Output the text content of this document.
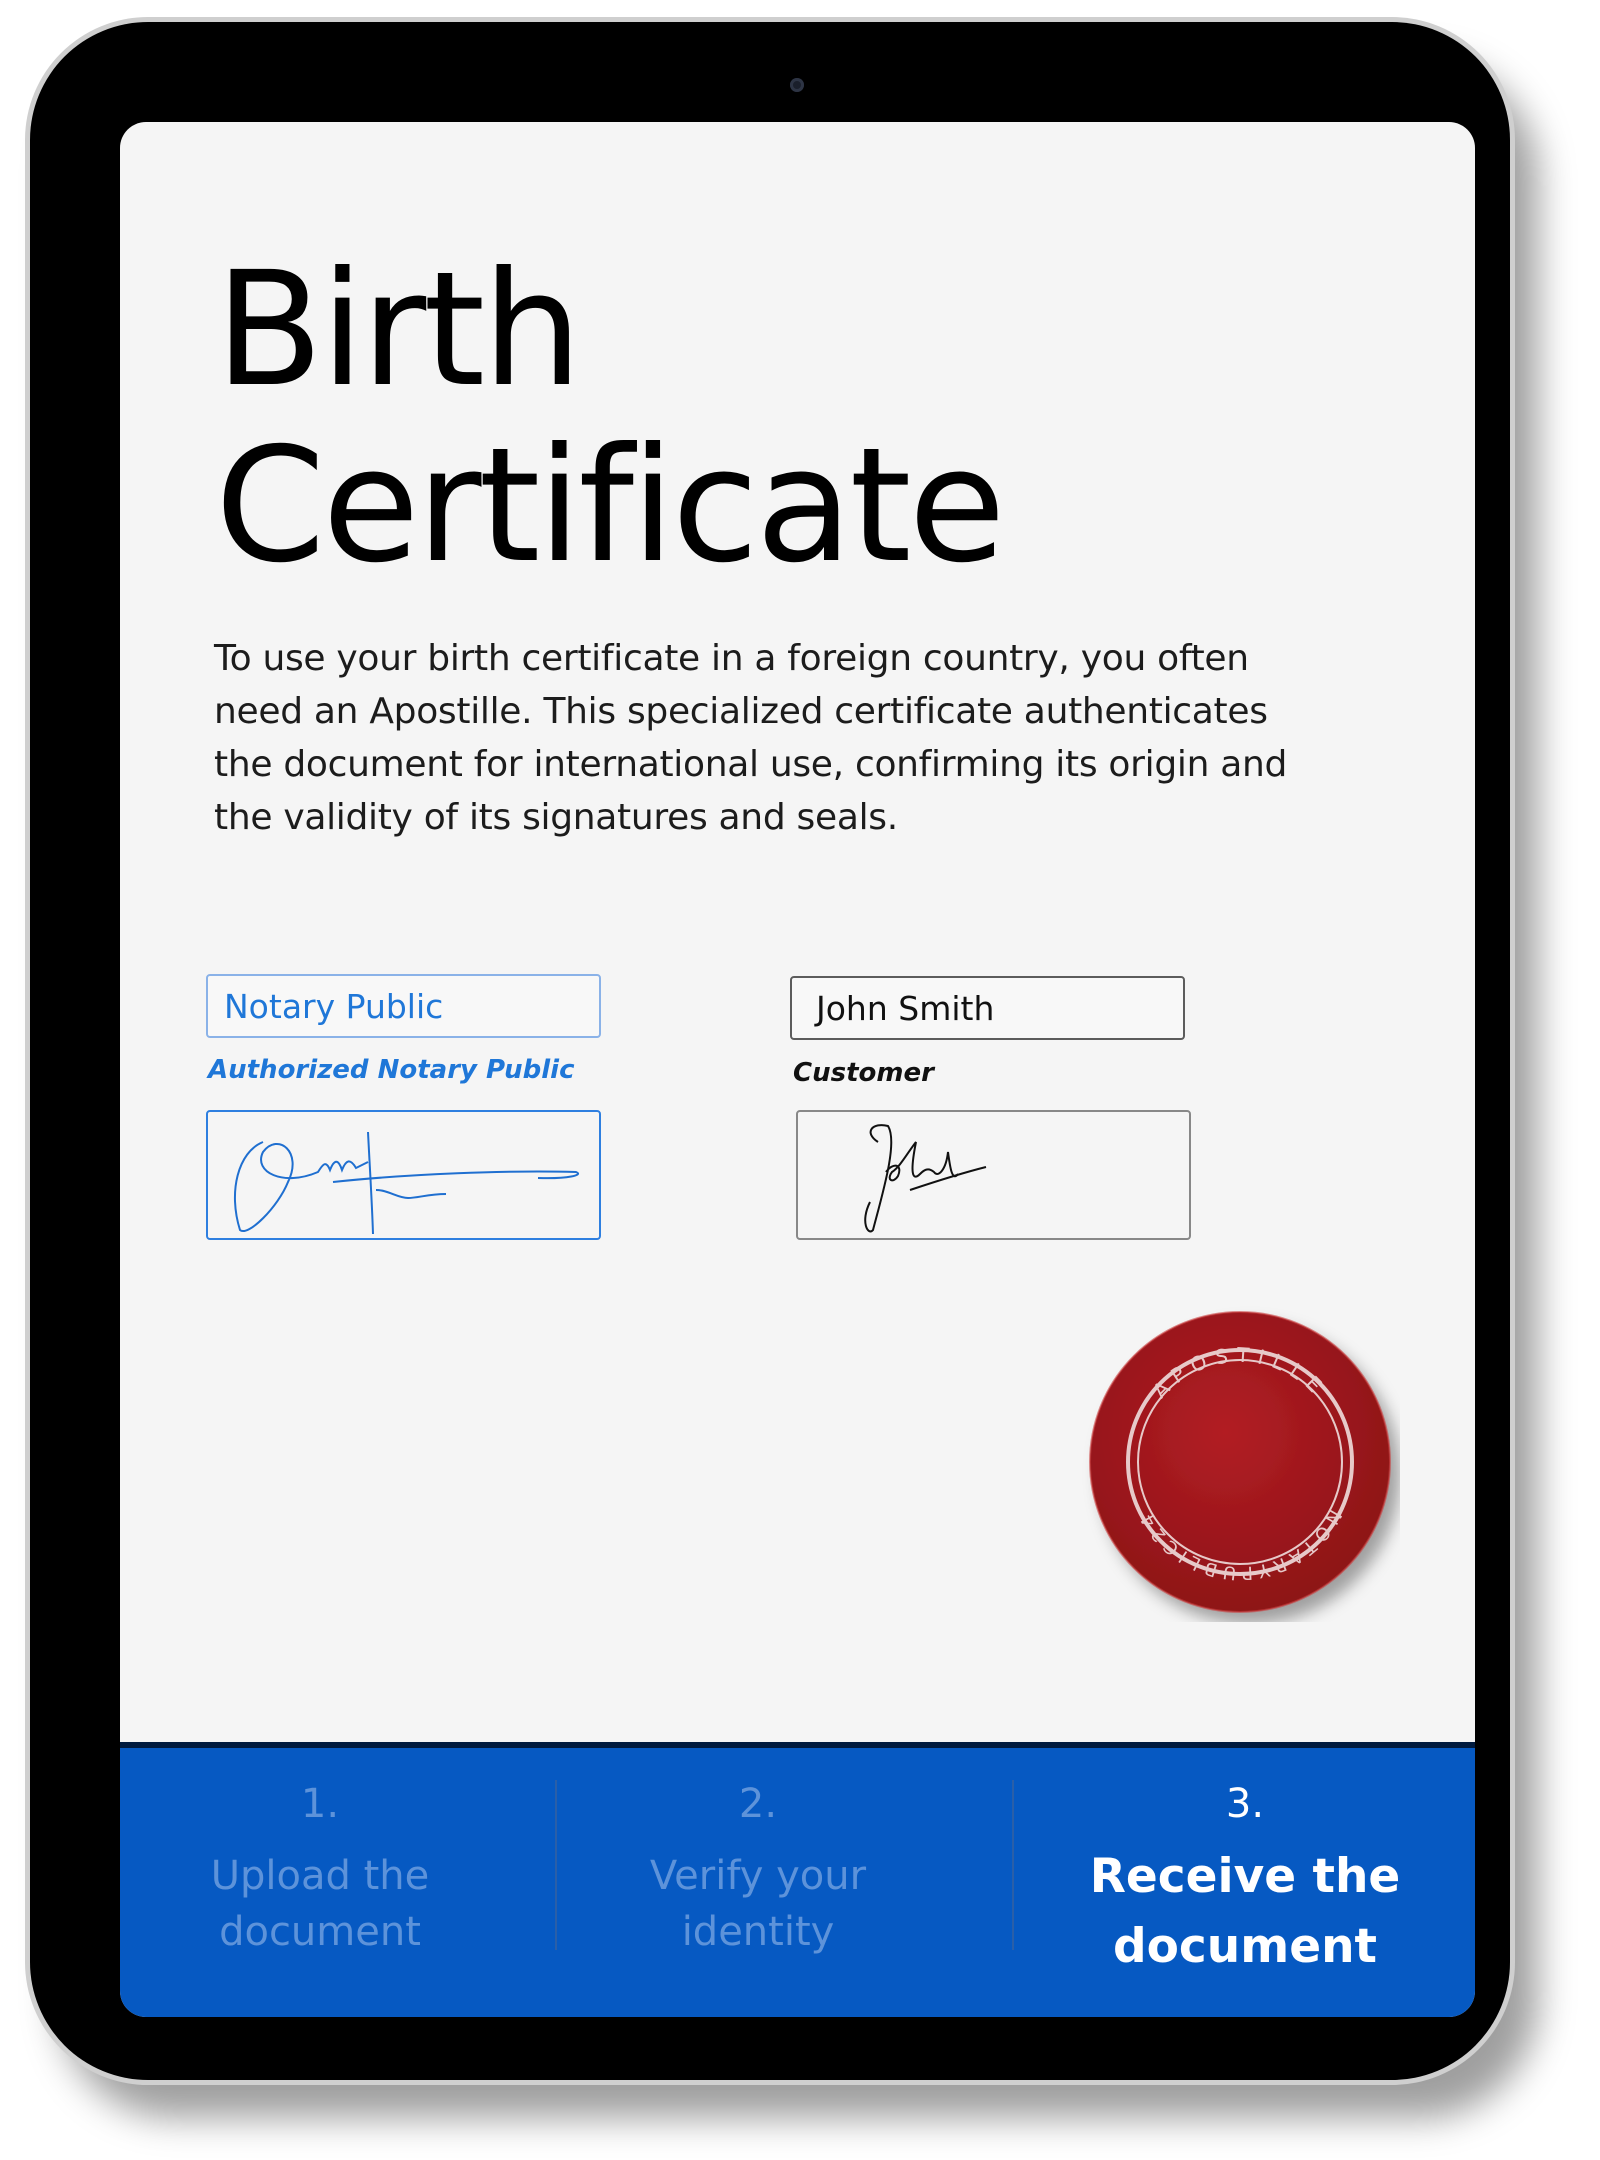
Birth
Certificate

To use your birth certificate in a foreign country, you often need an Apostille. This specialized certificate authenticates the document for international use, confirming its origin and the validity of its signatures and seals.

Notary Public
Authorized Notary Public
John Smith
Customer
APOSTILLE
NOTARYPUBLIC24
1.
Upload the document
2.
Verify your identity
3.
Receive the document
